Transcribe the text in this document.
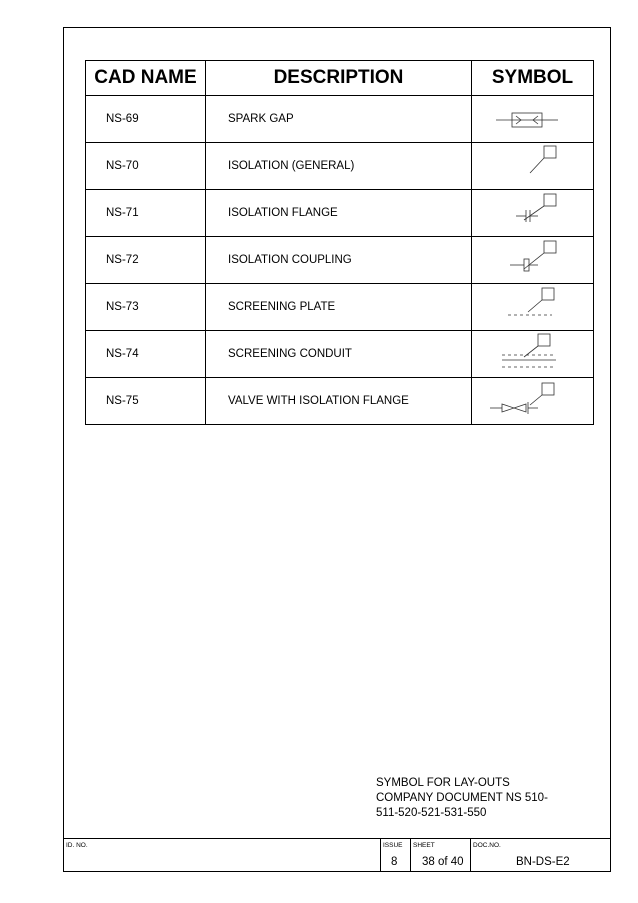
CAD NAME	DESCRIPTION	SYMBOL
NS-69	SPARK GAP	

NS-70	ISOLATION (GENERAL)	

NS-71	ISOLATION FLANGE	

NS-72	ISOLATION COUPLING	

NS-73	SCREENING PLATE	

NS-74	SCREENING CONDUIT	

NS-75	VALVE WITH ISOLATION FLANGE	
SYMBOL FOR LAY-OUTS
COMPANY DOCUMENT NS 510-
511-520-521-531-550
ID. NO.	ISSUE SHEET	DOC.NO.
8 38 of 40	BN-DS-E2
